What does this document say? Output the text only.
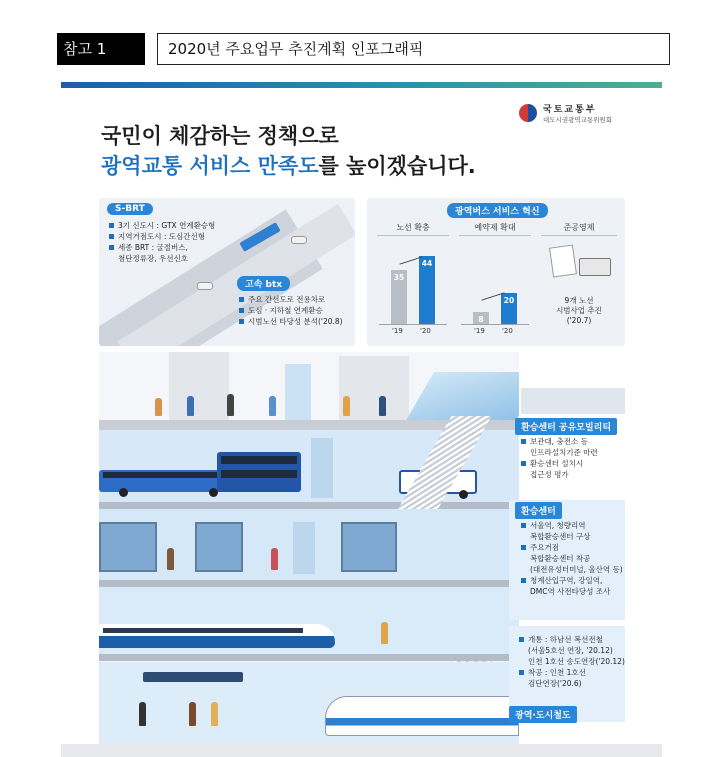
참고 1	2020년 주요업무 추진계획 인포그래픽
국토교통부
대도시권광역교통위원회
국민이 체감하는 정책으로
광역교통 서비스 만족도를 높이겠습니다.
S-BRT
3기 신도시 : GTX 연계환승형
지역거점도시 : 도심간선형
세종 BRT : 굴절버스,
첨단정류장, 우선신호
고속 btx
주요 간선도로 전용차로
도심 · 지하철 연계환승
시범노선 타당성 분석('20.8)
광역버스 서비스 혁신
노선 확충	예약제 확대	준공영제
35
44
'19 '20
8
20
'19 '20
9개 노선
시범사업 추진
('20.7)
환승센터 공유모빌리티
보관대, 충전소 등
인프라설치기준 마련
환승센터 설치시
접근성 평가
환승센터
서울역, 청량리역
복합환승센터 구상
주요거점
복합환승센터 착공
(대전유성터미널, 울산역 등)
청계산입구역, 강일역,
DMC역 사전타당성 조사
개통 : 하남선 복선전철
(서울5호선 연장, '20.12)
인천 1호선 송도연장('20.12)
착공 : 인천 1호선
검단연장('20.6)
광역·도시철도
